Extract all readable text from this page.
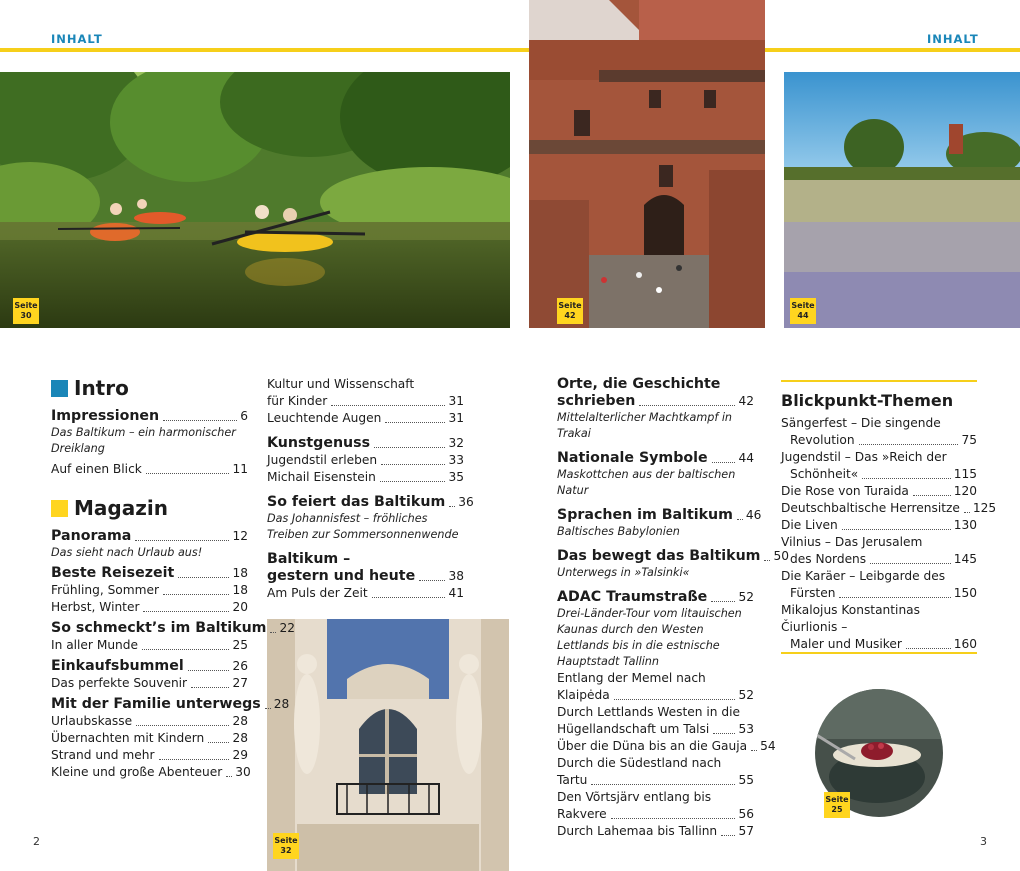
INHALT	INHALT
Seite
30
Seite
42
Seite
44
Seite
32
Seite
25
Intro
Impressionen	6
Das Baltikum – ein harmonischer Dreiklang
Auf einen Blick	11
Magazin
Panorama	12
Das sieht nach Urlaub aus!
Beste Reisezeit	18
Frühling, Sommer	18
Herbst, Winter	20
So schmeckt’s im Baltikum 22
In aller Munde	25
Einkaufsbummel	26
Das perfekte Souvenir	27
Mit der Familie unterwegs 28
Urlaubskasse	28
Übernachten mit Kindern 28
Strand und mehr	29
Kleine und große Abenteuer 30
Kultur und Wissenschaft
für Kinder	31
Leuchtende Augen	31
Kunstgenuss	32
Jugendstil erleben	33
Michail Eisenstein	35
So feiert das Baltikum 36
Das Johannisfest – fröhliches Treiben zur Sommersonnenwende
Baltikum –
gestern und heute	38
Am Puls der Zeit	41
Orte, die Geschichte
schrieben	42
Mittelalterlicher Machtkampf in Trakai
Nationale Symbole	44
Maskottchen aus der baltischen Natur
Sprachen im Baltikum 46
Baltisches Babylonien
Das bewegt das Baltikum 50
Unterwegs in »Talsinki«
ADAC Traumstraße	52
Drei-Länder-Tour vom litauischen Kaunas durch den Westen Lettlands bis in die estnische Hauptstadt Tallinn
Entlang der Memel nach
Klaipėda	52
Durch Lettlands Westen in die
Hügellandschaft um Talsi 53
Über die Düna bis an die Gauja 54
Durch die Südestland nach
Tartu	55
Den Võrtsjärv entlang bis
Rakvere	56
Durch Lahemaa bis Tallinn 57
Blickpunkt-Themen
Sängerfest – Die singende
Revolution	75
Jugendstil – Das »Reich der
Schönheit«	115
Die Rose von Turaida	120
Deutschbaltische Herrensitze 125
Die Liven	130
Vilnius – Das Jerusalem
des Nordens	145
Die Karäer – Leibgarde des
Fürsten	150
Mikalojus Konstantinas Čiurlionis –
Maler und Musiker	160
2	3
